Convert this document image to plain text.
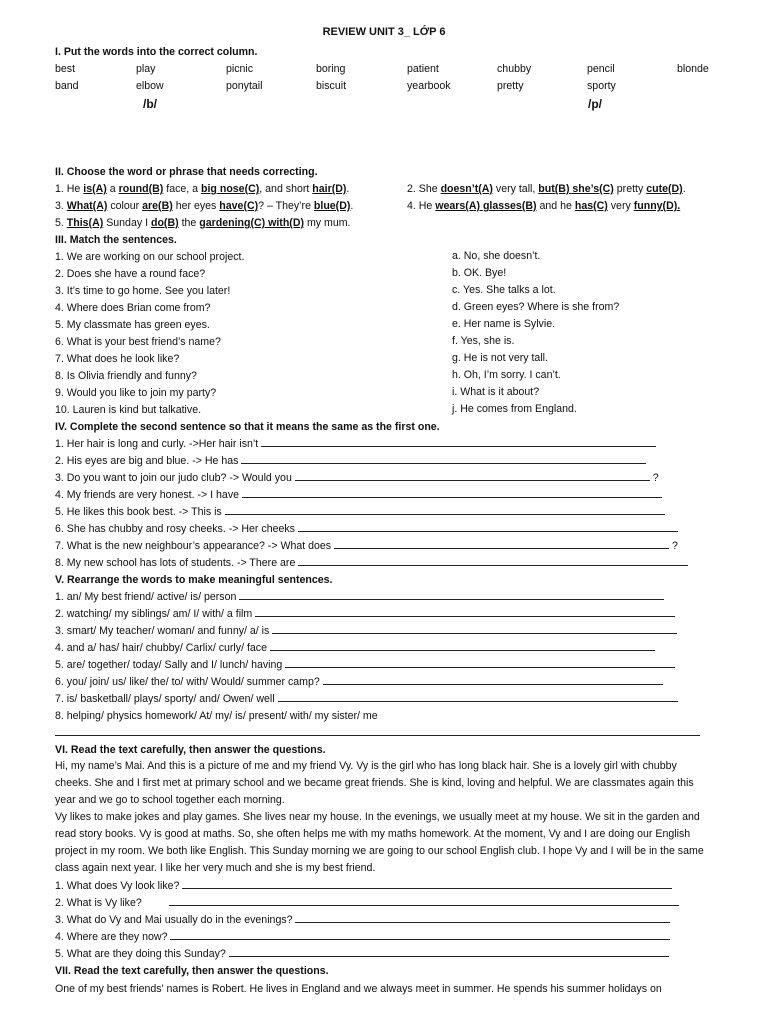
REVIEW UNIT 3_ LỚP 6
I. Put the words into the correct column.
best	play	picnic	boring	patient	chubby	pencil	blonde
band	elbow	ponytail	biscuit	yearbook	pretty	sporty
/b/	/p/
II. Choose the word or phrase that needs correcting.
1. He is(A) a round(B) face, a big nose(C), and short hair(D).	2. She doesn’t(A) very tall, but(B) she’s(C) pretty cute(D).
3. What(A) colour are(B) her eyes have(C)? – They’re blue(D).	4. He wears(A) glasses(B) and he has(C) very funny(D).
5. This(A) Sunday I do(B) the gardening(C) with(D) my mum.
III. Match the sentences.
1. We are working on our school project.
2. Does she have a round face?
3. It’s time to go home. See you later!
4. Where does Brian come from?
5. My classmate has green eyes.
6. What is your best friend’s name?
7. What does he look like?
8. Is Olivia friendly and funny?
9. Would you like to join my party?
10. Lauren is kind but talkative.
a. No, she doesn’t.
b. OK. Bye!
c. Yes. She talks a lot.
d. Green eyes? Where is she from?
e. Her name is Sylvie.
f. Yes, she is.
g. He is not very tall.
h. Oh, I’m sorry. I can’t.
i. What is it about?
j. He comes from England.
IV. Complete the second sentence so that it means the same as the first one.
1. Her hair is long and curly. ->Her hair isn’t
2. His eyes are big and blue. -> He has
3. Do you want to join our judo club? -> Would you	?
4. My friends are very honest. -> I have
5. He likes this book best. -> This is
6. She has chubby and rosy cheeks. -> Her cheeks
7. What is the new neighbour’s appearance? -> What does	?
8. My new school has lots of students. -> There are
V. Rearrange the words to make meaningful sentences.
1. an/ My best friend/ active/ is/ person
2. watching/ my siblings/ am/ I/ with/ a film
3. smart/ My teacher/ woman/ and funny/ a/ is
4. and a/ has/ hair/ chubby/ Carlix/ curly/ face
5. are/ together/ today/ Sally and I/ lunch/ having
6. you/ join/ us/ like/ the/ to/ with/ Would/ summer camp?
7. is/ basketball/ plays/ sporty/ and/ Owen/ well
8. helping/ physics homework/ At/ my/ is/ present/ with/ my sister/ me
VI. Read the text carefully, then answer the questions.
Hi, my name’s Mai. And this is a picture of me and my friend Vy. Vy is the girl who has long black hair. She is a lovely girl with chubby cheeks. She and I first met at primary school and we became great friends. She is kind, loving and helpful. We are classmates again this year and we go to school together each morning.
Vy likes to make jokes and play games. She lives near my house. In the evenings, we usually meet at my house. We sit in the garden and read story books. Vy is good at maths. So, she often helps me with my maths homework. At the moment, Vy and I are doing our English project in my room. We both like English. This Sunday morning we are going to our school English club. I hope Vy and I will be in the same class again next year. I like her very much and she is my best friend.
1. What does Vy look like?
2. What is Vy like?
3. What do Vy and Mai usually do in the evenings?
4. Where are they now?
5. What are they doing this Sunday?
VII. Read the text carefully, then answer the questions.
One of my best friends' names is Robert. He lives in England and we always meet in summer. He spends his summer holidays on
